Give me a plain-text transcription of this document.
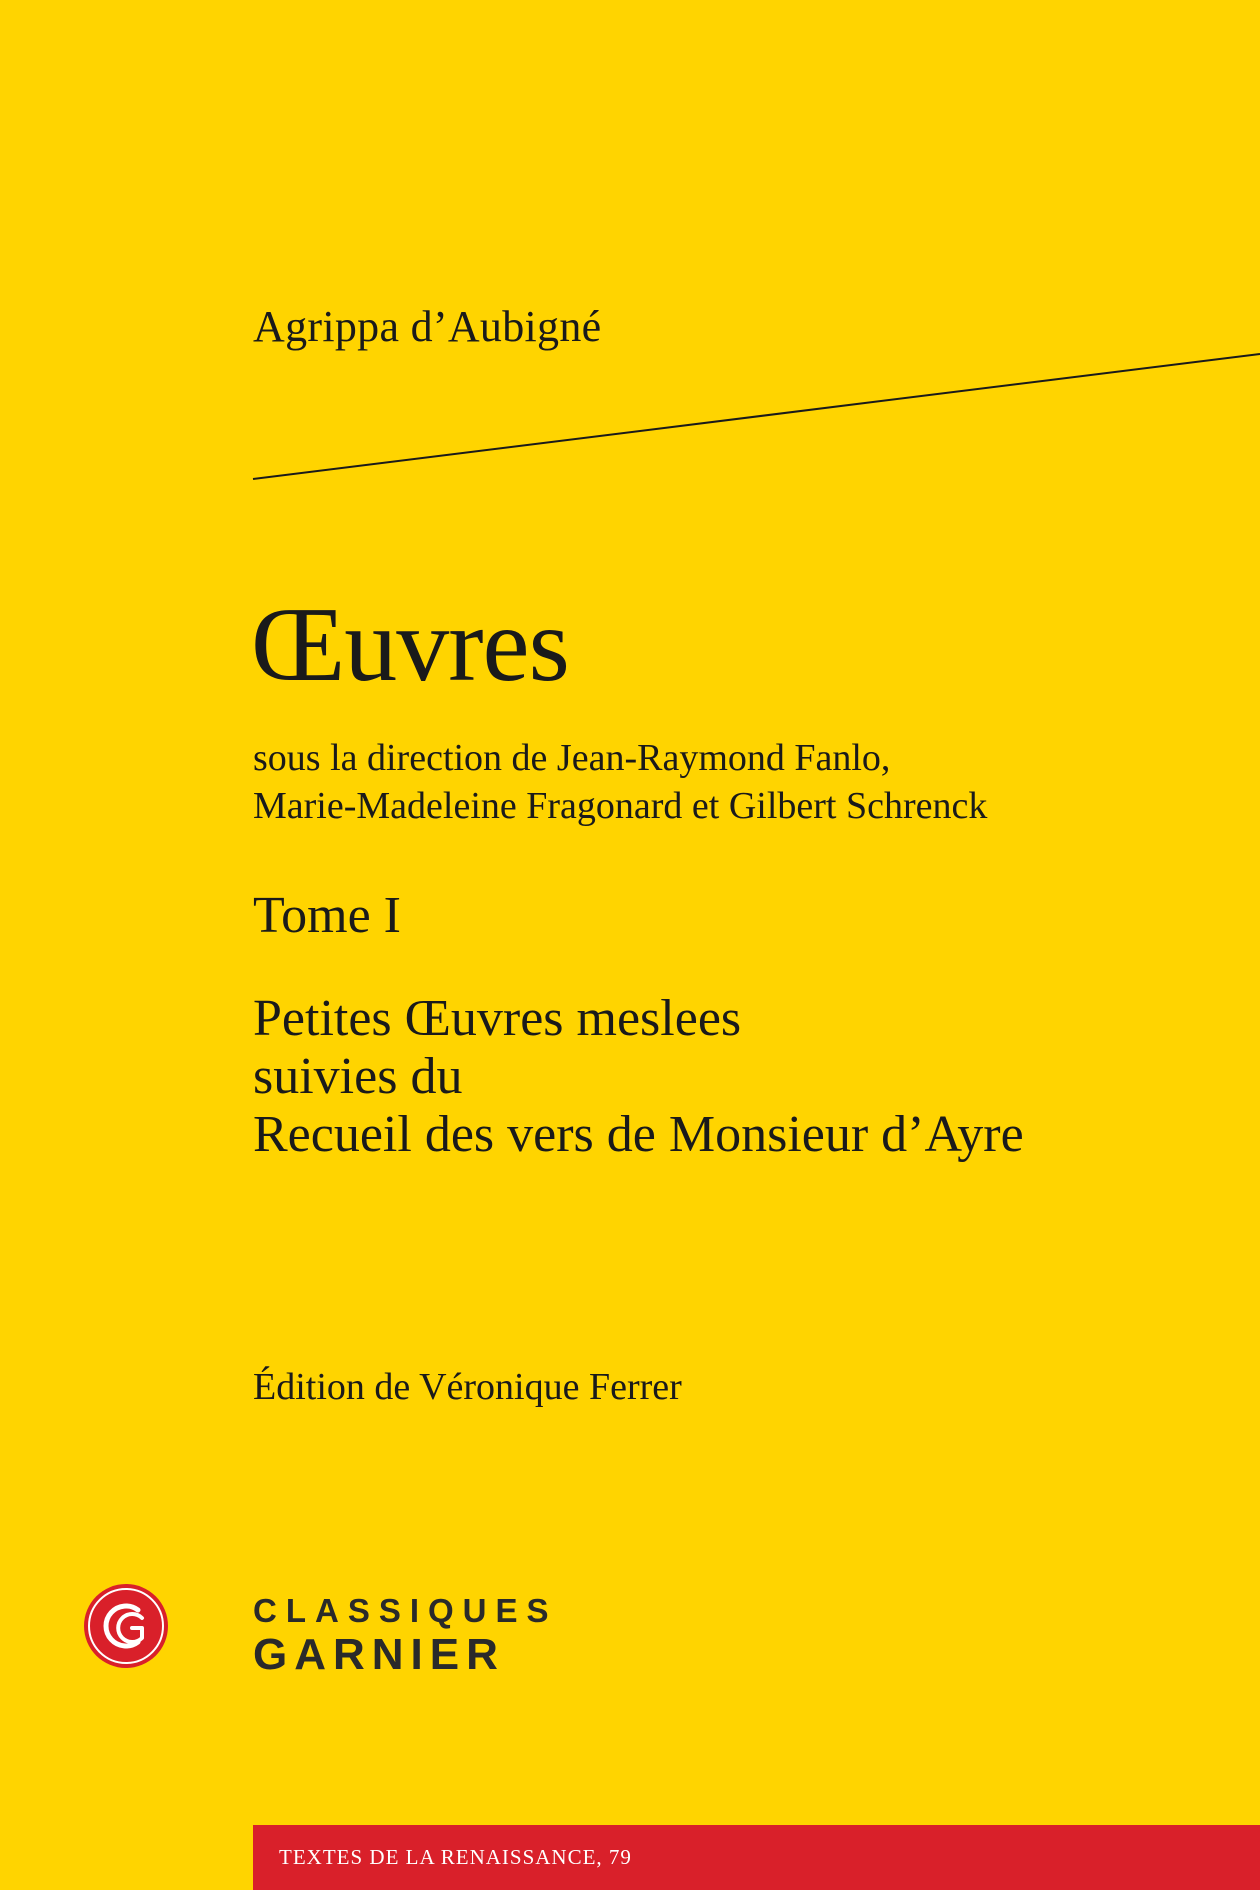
Agrippa d’Aubigné
Œuvres
sous la direction de Jean-Raymond Fanlo,
Marie-Madeleine Fragonard et Gilbert Schrenck
Tome I
Petites Œuvres meslees
suivies du
Recueil des vers de Monsieur d’Ayre
Édition de Véronique Ferrer
CLASSIQUES
GARNIER
TEXTES DE LA RENAISSANCE, 79
